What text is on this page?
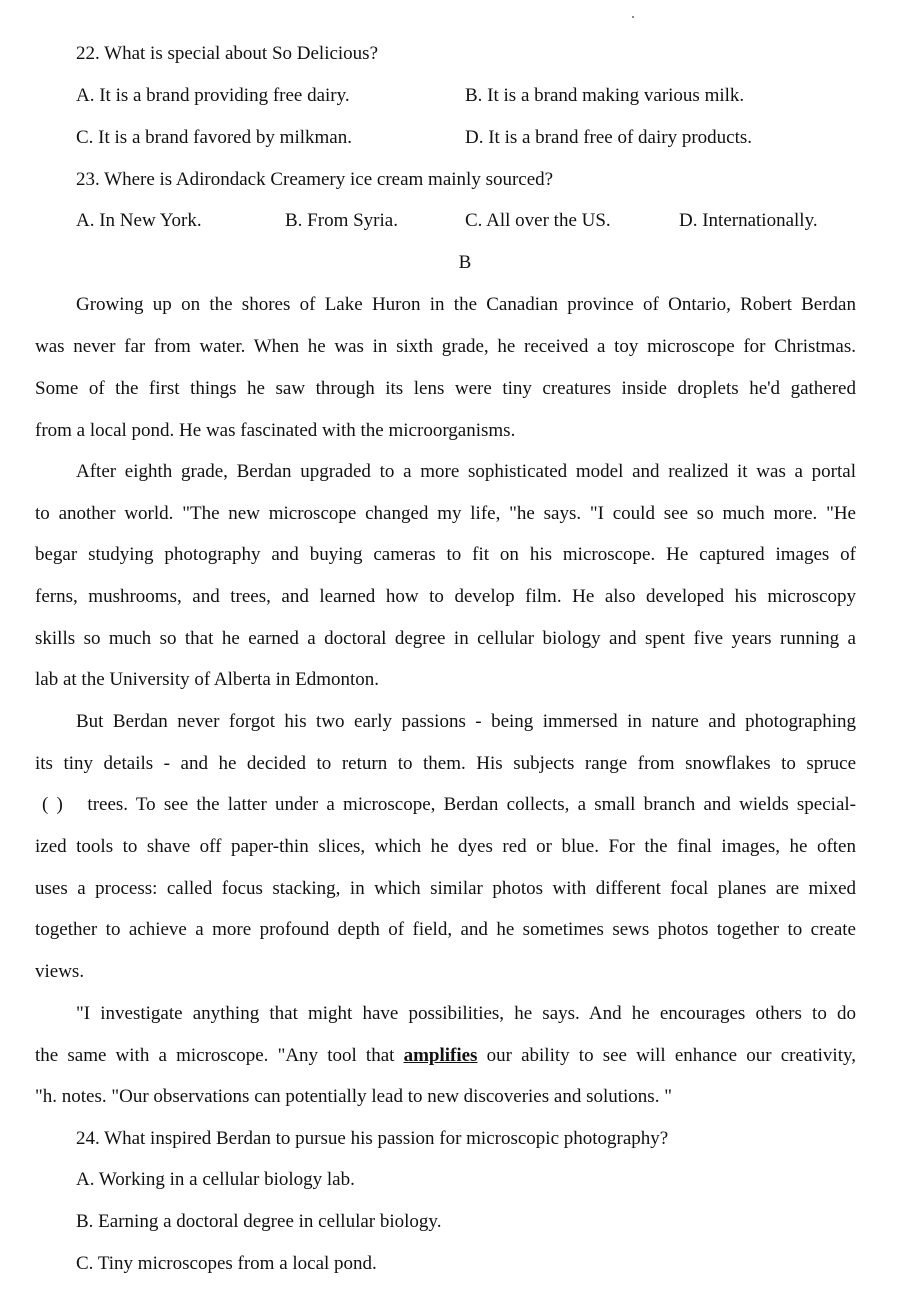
22. What is special about So Delicious?
A. It is a brand providing free dairy.	B. It is a brand making various milk.
C. It is a brand favored by milkman.	D. It is a brand free of dairy products.
23. Where is Adirondack Creamery ice cream mainly sourced?
A. In New York.	B. From Syria.	C. All over the US.	D. Internationally.
B
Growing up on the shores of Lake Huron in the Canadian province of Ontario, Robert Berdan
was never far from water. When he was in sixth grade, he received a toy microscope for Christmas.
Some of the first things he saw through its lens were tiny creatures inside droplets he'd gathered
from a local pond. He was fascinated with the microorganisms.
After eighth grade, Berdan upgraded to a more sophisticated model and realized it was a portal
to another world. "The new microscope changed my life, "he says. "I could see so much more. "He
begar studying photography and buying cameras to fit on his microscope. He captured images of
ferns, mushrooms, and trees, and learned how to develop film. He also developed his microscopy
skills so much so that he earned a doctoral degree in cellular biology and spent five years running a
lab at the University of Alberta in Edmonton.
But Berdan never forgot his two early passions - being immersed in nature and photographing
its tiny details - and he decided to return to them. His subjects range from snowflakes to spruce
( )   trees. To see the latter under a microscope, Berdan collects, a small branch and wields special-
ized tools to shave off paper-thin slices, which he dyes red or blue. For the final images, he often
uses a process: called focus stacking, in which similar photos with different focal planes are mixed
together to achieve a more profound depth of field, and he sometimes sews photos together to create
views.
"I investigate anything that might have possibilities, he says. And he encourages others to do
the same with a microscope. "Any tool that amplifies our ability to see will enhance our creativity,
"h. notes. "Our observations can potentially lead to new discoveries and solutions. "
24. What inspired Berdan to pursue his passion for microscopic photography?
A. Working in a cellular biology lab.
B. Earning a doctoral degree in cellular biology.
C. Tiny microscopes from a local pond.
